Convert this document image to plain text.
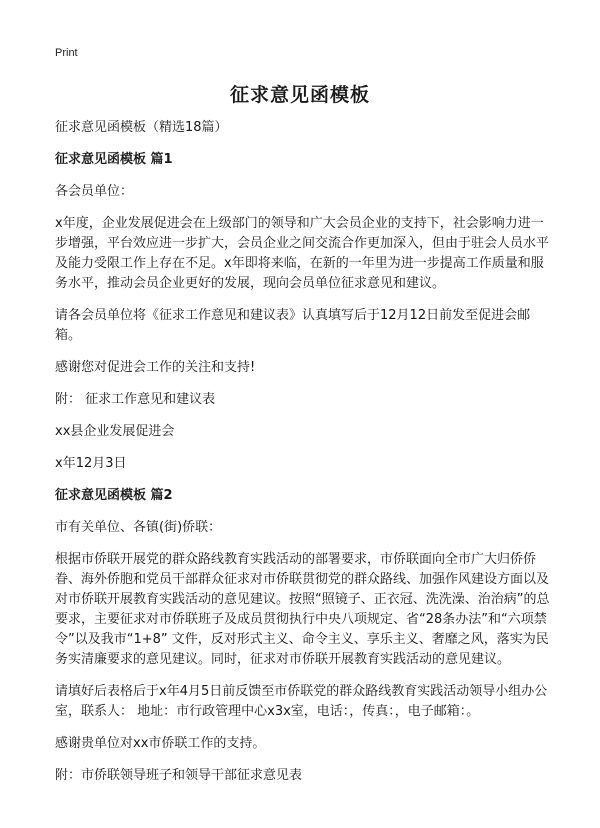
Print
征求意见函模板

征求意见函模板（精选18篇）

征求意见函模板 篇1

各会员单位：

x年度，企业发展促进会在上级部门的领导和广大会员企业的支持下，社会影响力进一步增强，平台效应进一步扩大，会员企业之间交流合作更加深入，但由于驻会人员水平及能力受限工作上存在不足。x年即将来临，在新的一年里为进一步提高工作质量和服务水平，推动会员企业更好的发展，现向会员单位征求意见和建议。

请各会员单位将《征求工作意见和建议表》认真填写后于12月12日前发至促进会邮箱。

感谢您对促进会工作的关注和支持!

附： 征求工作意见和建议表

xx县企业发展促进会

x年12月3日

征求意见函模板 篇2

市有关单位、各镇(街)侨联：

根据市侨联开展党的群众路线教育实践活动的部署要求，市侨联面向全市广大归侨侨眷、海外侨胞和党员干部群众征求对市侨联贯彻党的群众路线、加强作风建设方面以及对市侨联开展教育实践活动的意见建议。按照“照镜子、正衣冠、洗洗澡、治治病”的总要求，主要征求对市侨联班子及成员贯彻执行中央八项规定、省“28条办法”和“六项禁令”以及我市“1+8” 文件，反对形式主义、命令主义、享乐主义、奢靡之风，落实为民务实清廉要求的意见建议。同时，征求对市侨联开展教育实践活动的意见建议。

请填好后表格后于x年4月5日前反馈至市侨联党的群众路线教育实践活动领导小组办公室，联系人： 地址：市行政管理中心x3x室，电话：，传真：，电子邮箱：。

感谢贵单位对xx市侨联工作的支持。

附：市侨联领导班子和领导干部征求意见表
